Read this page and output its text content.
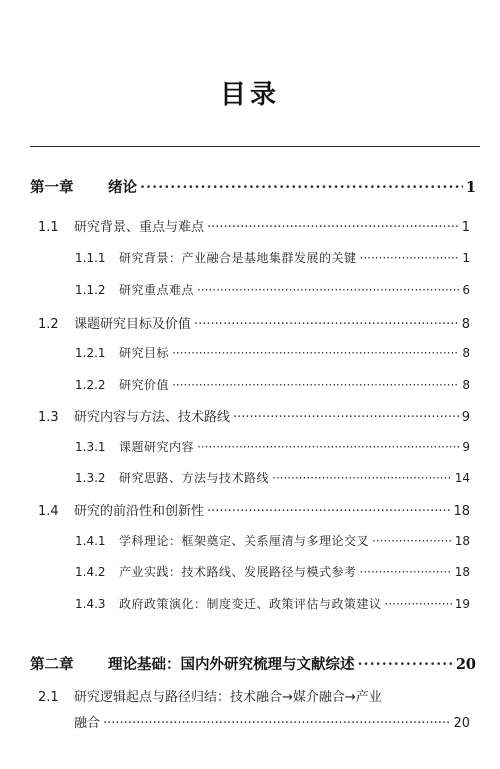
目录
第一章	绪论 ·····	1
1.1	研究背景、重点与难点 ·····	1
1.1.1	研究背景：产业融合是基地集群发展的关键 ·····	1
1.1.2	研究重点难点 ·····	6
1.2	课题研究目标及价值 ·····	8
1.2.1	研究目标 ·····	8
1.2.2	研究价值 ·····	8
1.3	研究内容与方法、技术路线 ·····	9
1.3.1	课题研究内容 ·····	9
1.3.2	研究思路、方法与技术路线 ·····	14
1.4	研究的前沿性和创新性 ·····	18
1.4.1	学科理论：框架奠定、关系厘清与多理论交叉 ·····	18
1.4.2	产业实践：技术路线、发展路径与模式参考 ·····	18
1.4.3	政府政策演化：制度变迁、政策评估与政策建议 ·····	19
第二章	理论基础：国内外研究梳理与文献综述 ·····	20
2.1 研究逻辑起点与路径归结：技术融合→媒介融合→产业
融合 ·····	20
